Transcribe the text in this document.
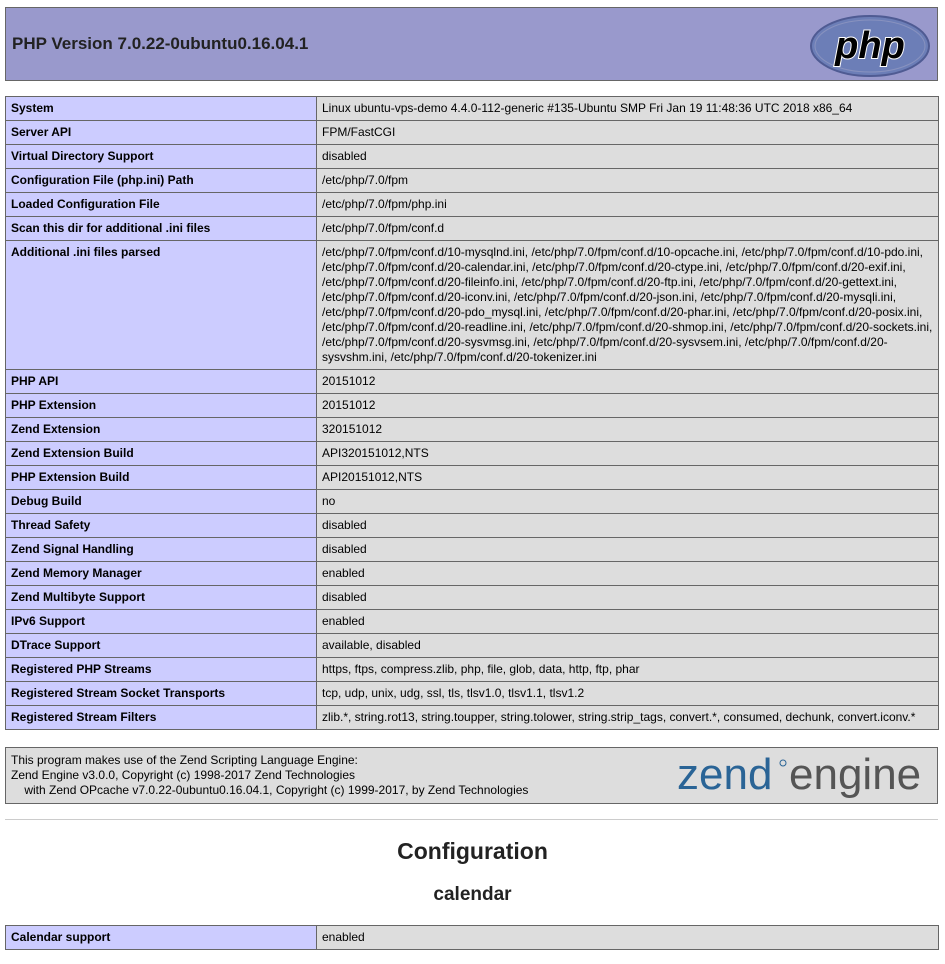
PHP Version 7.0.22-0ubuntu0.16.04.1	php
System	Linux ubuntu-vps-demo 4.4.0-112-generic #135-Ubuntu SMP Fri Jan 19 11:48:36 UTC 2018 x86_64
Server API	FPM/FastCGI
Virtual Directory Support	disabled
Configuration File (php.ini) Path	/etc/php/7.0/fpm
Loaded Configuration File	/etc/php/7.0/fpm/php.ini
Scan this dir for additional .ini files	/etc/php/7.0/fpm/conf.d
Additional .ini files parsed	/etc/php/7.0/fpm/conf.d/10-mysqlnd.ini, /etc/php/7.0/fpm/conf.d/10-opcache.ini, /etc/php/7.0/fpm/conf.d/10-pdo.ini, /etc/php/7.0/fpm/conf.d/20-calendar.ini, /etc/php/7.0/fpm/conf.d/20-ctype.ini, /etc/php/7.0/fpm/conf.d/20-exif.ini, /etc/php/7.0/fpm/conf.d/20-fileinfo.ini, /etc/php/7.0/fpm/conf.d/20-ftp.ini, /etc/php/7.0/fpm/conf.d/20-gettext.ini, /etc/php/7.0/fpm/conf.d/20-iconv.ini, /etc/php/7.0/fpm/conf.d/20-json.ini, /etc/php/7.0/fpm/conf.d/20-mysqli.ini, /etc/php/7.0/fpm/conf.d/20-pdo_mysql.ini, /etc/php/7.0/fpm/conf.d/20-phar.ini, /etc/php/7.0/fpm/conf.d/20-posix.ini, /etc/php/7.0/fpm/conf.d/20-readline.ini, /etc/php/7.0/fpm/conf.d/20-shmop.ini, /etc/php/7.0/fpm/conf.d/20-sockets.ini, /etc/php/7.0/fpm/conf.d/20-sysvmsg.ini, /etc/php/7.0/fpm/conf.d/20-sysvsem.ini, /etc/php/7.0/fpm/conf.d/20-sysvshm.ini, /etc/php/7.0/fpm/conf.d/20-tokenizer.ini
PHP API	20151012
PHP Extension	20151012
Zend Extension	320151012
Zend Extension Build	API320151012,NTS
PHP Extension Build	API20151012,NTS
Debug Build	no
Thread Safety	disabled
Zend Signal Handling	disabled
Zend Memory Manager	enabled
Zend Multibyte Support	disabled
IPv6 Support	enabled
DTrace Support	available, disabled
Registered PHP Streams	https, ftps, compress.zlib, php, file, glob, data, http, ftp, phar
Registered Stream Socket Transports	tcp, udp, unix, udg, ssl, tls, tlsv1.0, tlsv1.1, tlsv1.2
Registered Stream Filters	zlib.*, string.rot13, string.toupper, string.tolower, string.strip_tags, convert.*, consumed, dechunk, convert.iconv.*
This program makes use of the Zend Scripting Language Engine:
Zend Engine v3.0.0, Copyright (c) 1998-2017 Zend Technologies
with Zend OPcache v7.0.22-0ubuntu0.16.04.1, Copyright (c) 1999-2017, by Zend Technologies	zend engine
Configuration
calendar
Calendar support	enabled
